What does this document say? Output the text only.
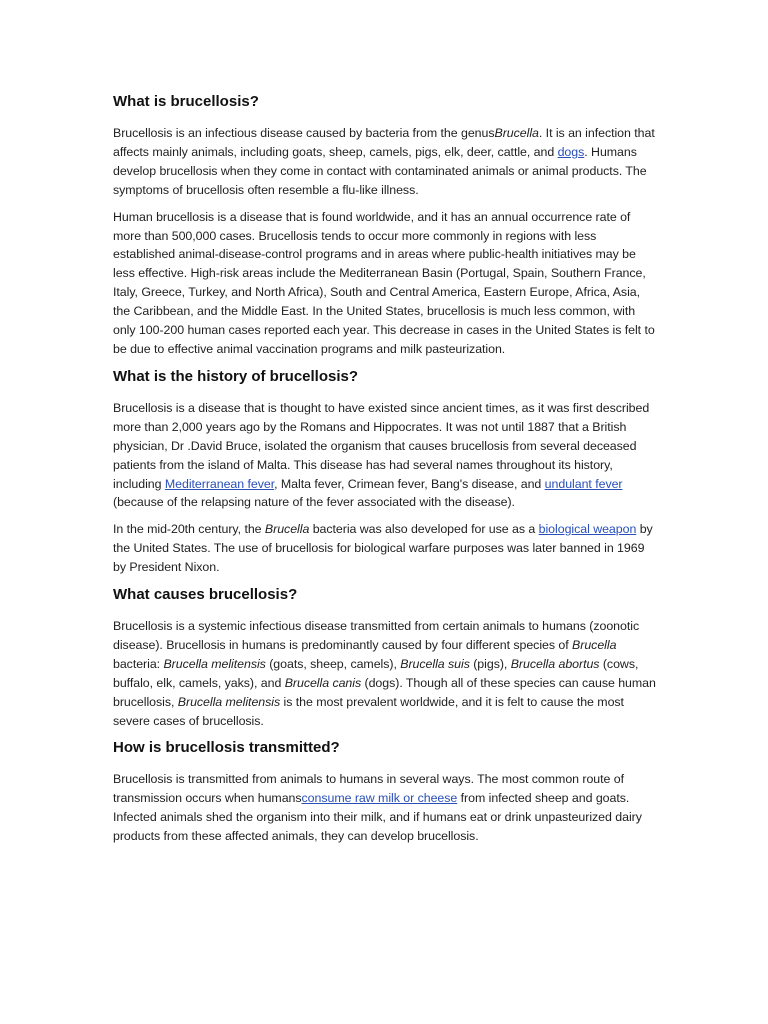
What is brucellosis?

Brucellosis is an infectious disease caused by bacteria from the genusBrucella. It is an infection that affects mainly animals, including goats, sheep, camels, pigs, elk, deer, cattle, and dogs. Humans develop brucellosis when they come in contact with contaminated animals or animal products. The symptoms of brucellosis often resemble a flu-like illness.

Human brucellosis is a disease that is found worldwide, and it has an annual occurrence rate of more than 500,000 cases. Brucellosis tends to occur more commonly in regions with less established animal-disease-control programs and in areas where public-health initiatives may be less effective. High-risk areas include the Mediterranean Basin (Portugal, Spain, Southern France, Italy, Greece, Turkey, and North Africa), South and Central America, Eastern Europe, Africa, Asia, the Caribbean, and the Middle East. In the United States, brucellosis is much less common, with only 100-200 human cases reported each year. This decrease in cases in the United States is felt to be due to effective animal vaccination programs and milk pasteurization.

What is the history of brucellosis?

Brucellosis is a disease that is thought to have existed since ancient times, as it was first described more than 2,000 years ago by the Romans and Hippocrates. It was not until 1887 that a British physician, Dr .David Bruce, isolated the organism that causes brucellosis from several deceased patients from the island of Malta. This disease has had several names throughout its history, including Mediterranean fever, Malta fever, Crimean fever, Bang's disease, and undulant fever (because of the relapsing nature of the fever associated with the disease).

In the mid-20th century, the Brucella bacteria was also developed for use as a biological weapon by the United States. The use of brucellosis for biological warfare purposes was later banned in 1969 by President Nixon.

What causes brucellosis?

Brucellosis is a systemic infectious disease transmitted from certain animals to humans (zoonotic disease). Brucellosis in humans is predominantly caused by four different species of Brucella bacteria: Brucella melitensis (goats, sheep, camels), Brucella suis (pigs), Brucella abortus (cows, buffalo, elk, camels, yaks), and Brucella canis (dogs). Though all of these species can cause human brucellosis, Brucella melitensis is the most prevalent worldwide, and it is felt to cause the most severe cases of brucellosis.

How is brucellosis transmitted?

Brucellosis is transmitted from animals to humans in several ways. The most common route of transmission occurs when humansconsume raw milk or cheese from infected sheep and goats. Infected animals shed the organism into their milk, and if humans eat or drink unpasteurized dairy products from these affected animals, they can develop brucellosis.
